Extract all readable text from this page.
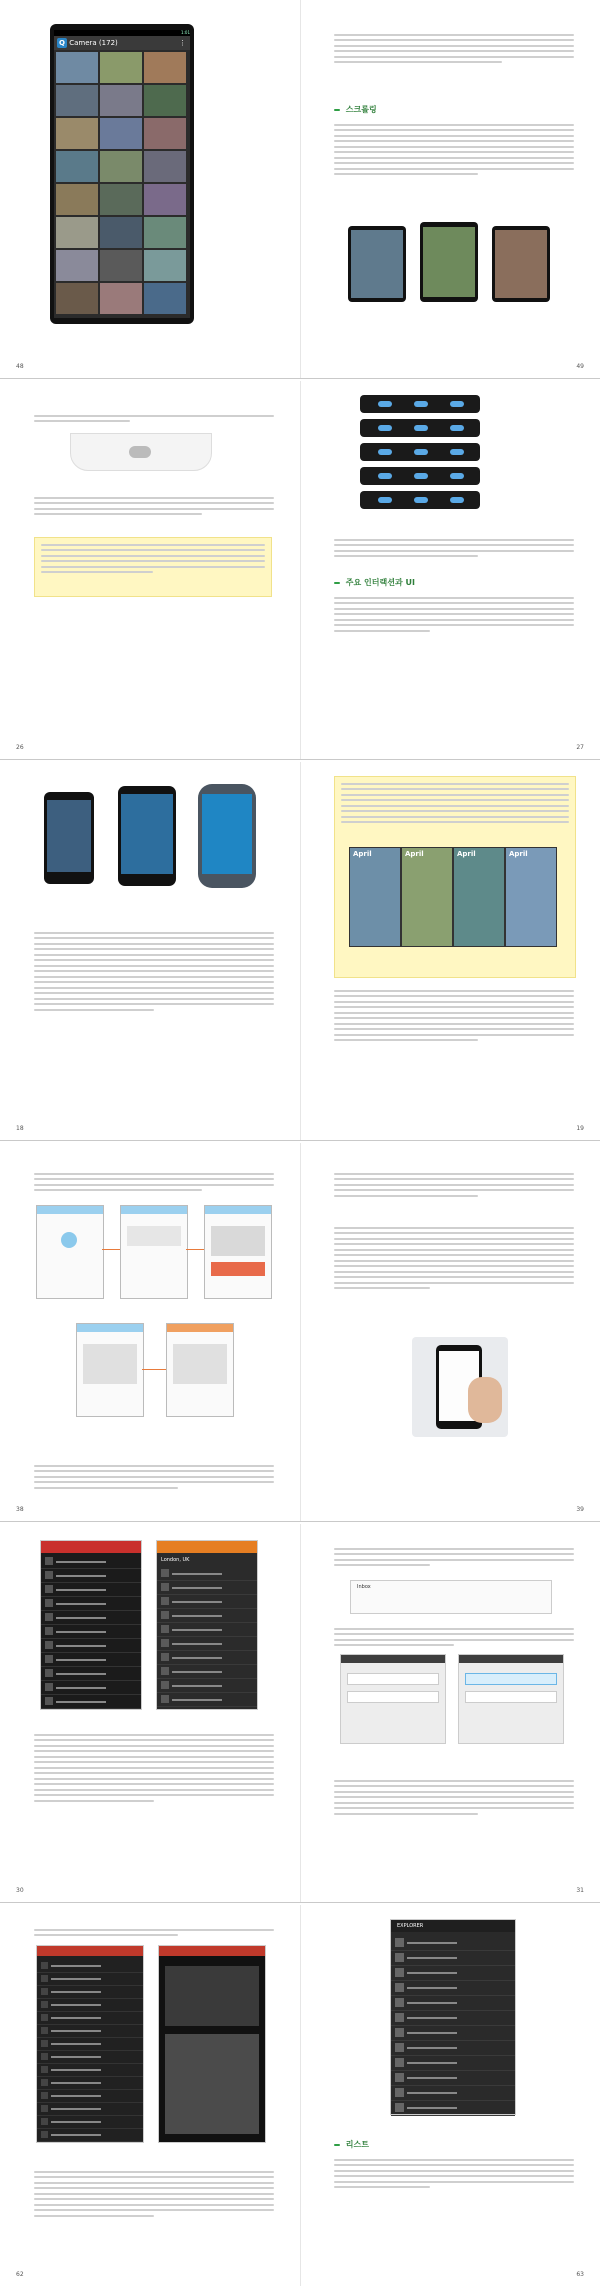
1:01
Q Camera (172)	⋮
48
스크롤링
49
26
주요 인터랙션과 UI
27
18
April	April	April	April
19
38	39
London, UK
30
Inbox
31
62
EXPLORER
리스트
63
